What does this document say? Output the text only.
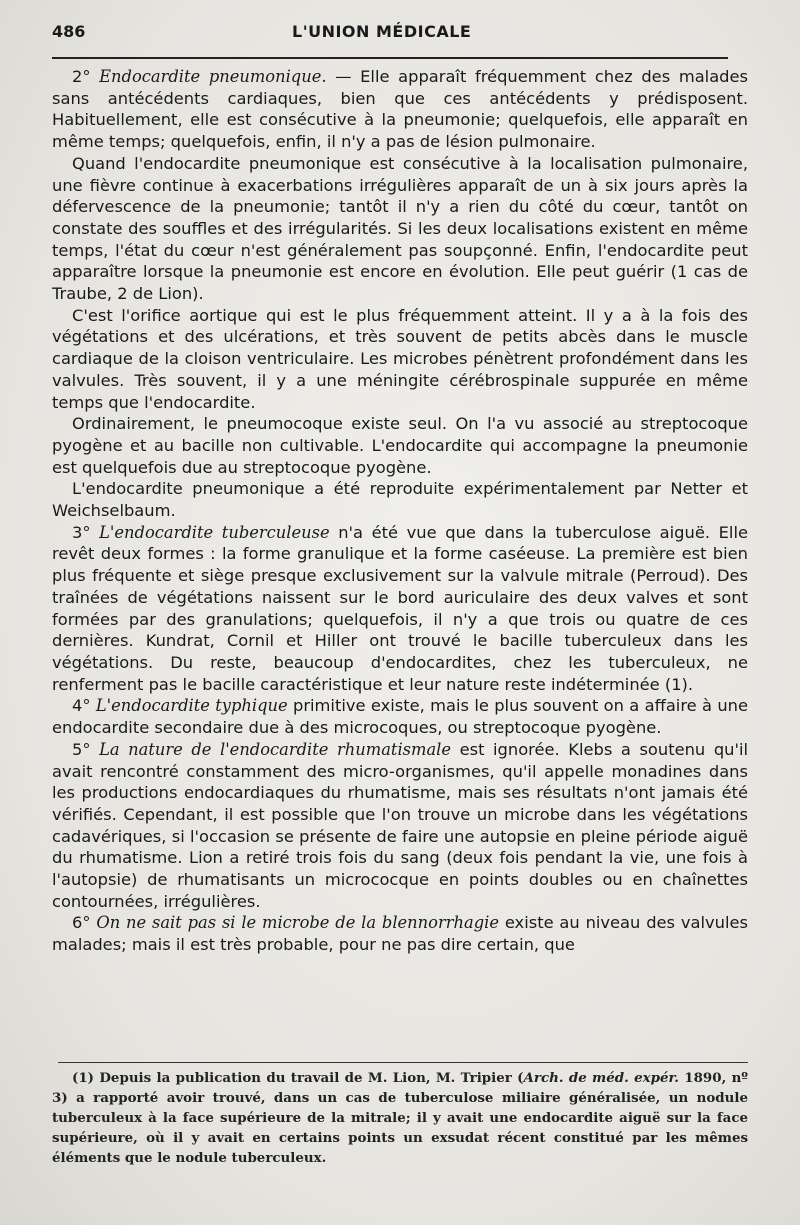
486	L'UNION MÉDICALE

2° Endocardite pneumonique. — Elle apparaît fréquemment chez des malades sans antécédents cardiaques, bien que ces antécédents y prédisposent. Habituellement, elle est consécutive à la pneumonie; quelquefois, elle apparaît en même temps; quelquefois, enfin, il n'y a pas de lésion pulmonaire.

Quand l'endocardite pneumonique est consécutive à la localisation pulmonaire, une fièvre continue à exacerbations irrégulières apparaît de un à six jours après la défervescence de la pneumonie; tantôt il n'y a rien du côté du cœur, tantôt on constate des souffles et des irrégularités. Si les deux localisations existent en même temps, l'état du cœur n'est généralement pas soupçonné. Enfin, l'endocardite peut apparaître lorsque la pneumonie est encore en évolution. Elle peut guérir (1 cas de Traube, 2 de Lion).

C'est l'orifice aortique qui est le plus fréquemment atteint. Il y a à la fois des végétations et des ulcérations, et très souvent de petits abcès dans le muscle cardiaque de la cloison ventriculaire. Les microbes pénètrent profondément dans les valvules. Très souvent, il y a une méningite cérébrospinale suppurée en même temps que l'endocardite.

Ordinairement, le pneumocoque existe seul. On l'a vu associé au streptocoque pyogène et au bacille non cultivable. L'endocardite qui accompagne la pneumonie est quelquefois due au streptocoque pyogène.

L'endocardite pneumonique a été reproduite expérimentalement par Netter et Weichselbaum.

3° L'endocardite tuberculeuse n'a été vue que dans la tuberculose aiguë. Elle revêt deux formes : la forme granulique et la forme caséeuse. La première est bien plus fréquente et siège presque exclusivement sur la valvule mitrale (Perroud). Des traînées de végétations naissent sur le bord auriculaire des deux valves et sont formées par des granulations; quelquefois, il n'y a que trois ou quatre de ces dernières. Kundrat, Cornil et Hiller ont trouvé le bacille tuberculeux dans les végétations. Du reste, beaucoup d'endocardites, chez les tuberculeux, ne renferment pas le bacille caractéristique et leur nature reste indéterminée (1).

4° L'endocardite typhique primitive existe, mais le plus souvent on a affaire à une endocardite secondaire due à des microcoques, ou streptocoque pyogène.

5° La nature de l'endocardite rhumatismale est ignorée. Klebs a soutenu qu'il avait rencontré constamment des micro-organismes, qu'il appelle monadines dans les productions endocardiaques du rhumatisme, mais ses résultats n'ont jamais été vérifiés. Cependant, il est possible que l'on trouve un microbe dans les végétations cadavériques, si l'occasion se présente de faire une autopsie en pleine période aiguë du rhumatisme. Lion a retiré trois fois du sang (deux fois pendant la vie, une fois à l'autopsie) de rhumatisants un micrococque en points doubles ou en chaînettes contournées, irrégulières.

6° On ne sait pas si le microbe de la blennorrhagie existe au niveau des valvules malades; mais il est très probable, pour ne pas dire certain, que

(1) Depuis la publication du travail de M. Lion, M. Tripier (Arch. de méd. expér. 1890, nº 3) a rapporté avoir trouvé, dans un cas de tuberculose miliaire généralisée, un nodule tuberculeux à la face supérieure de la mitrale; il y avait une endocardite aiguë sur la face supérieure, où il y avait en certains points un exsudat récent constitué par les mêmes éléments que le nodule tuberculeux.
